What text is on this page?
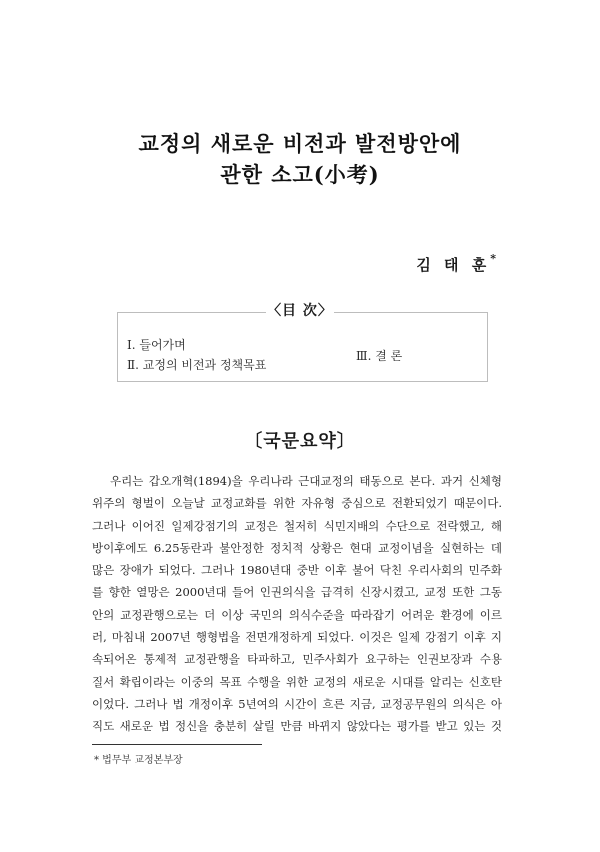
교정의 새로운 비전과 발전방안에
관한 소고(小考)
김 태 훈*
〈目 次〉
Ⅰ. 들어가며
Ⅱ. 교정의 비전과 정책목표
Ⅲ. 결 론
〔국문요약〕
우리는 갑오개혁(1894)을 우리나라 근대교정의 태동으로 본다. 과거 신체형
위주의 형벌이 오늘날 교정교화를 위한 자유형 중심으로 전환되었기 때문이다.
그러나 이어진 일제강점기의 교정은 철저히 식민지배의 수단으로 전락했고, 해
방이후에도 6.25동란과 불안정한 정치적 상황은 현대 교정이념을 실현하는 데
많은 장애가 되었다. 그러나 1980년대 중반 이후 불어 닥친 우리사회의 민주화
를 향한 열망은 2000년대 들어 인권의식을 급격히 신장시켰고, 교정 또한 그동
안의 교정관행으로는 더 이상 국민의 의식수준을 따라잡기 어려운 환경에 이르
러, 마침내 2007년 행형법을 전면개정하게 되었다. 이것은 일제 강점기 이후 지
속되어온 통제적 교정관행을 타파하고, 민주사회가 요구하는 인권보장과 수용
질서 확립이라는 이중의 목표 수행을 위한 교정의 새로운 시대를 알리는 신호탄
이었다. 그러나 법 개정이후 5년여의 시간이 흐른 지금, 교정공무원의 의식은 아
직도 새로운 법 정신을 충분히 살릴 만큼 바뀌지 않았다는 평가를 받고 있는 것
* 법무부 교정본부장
